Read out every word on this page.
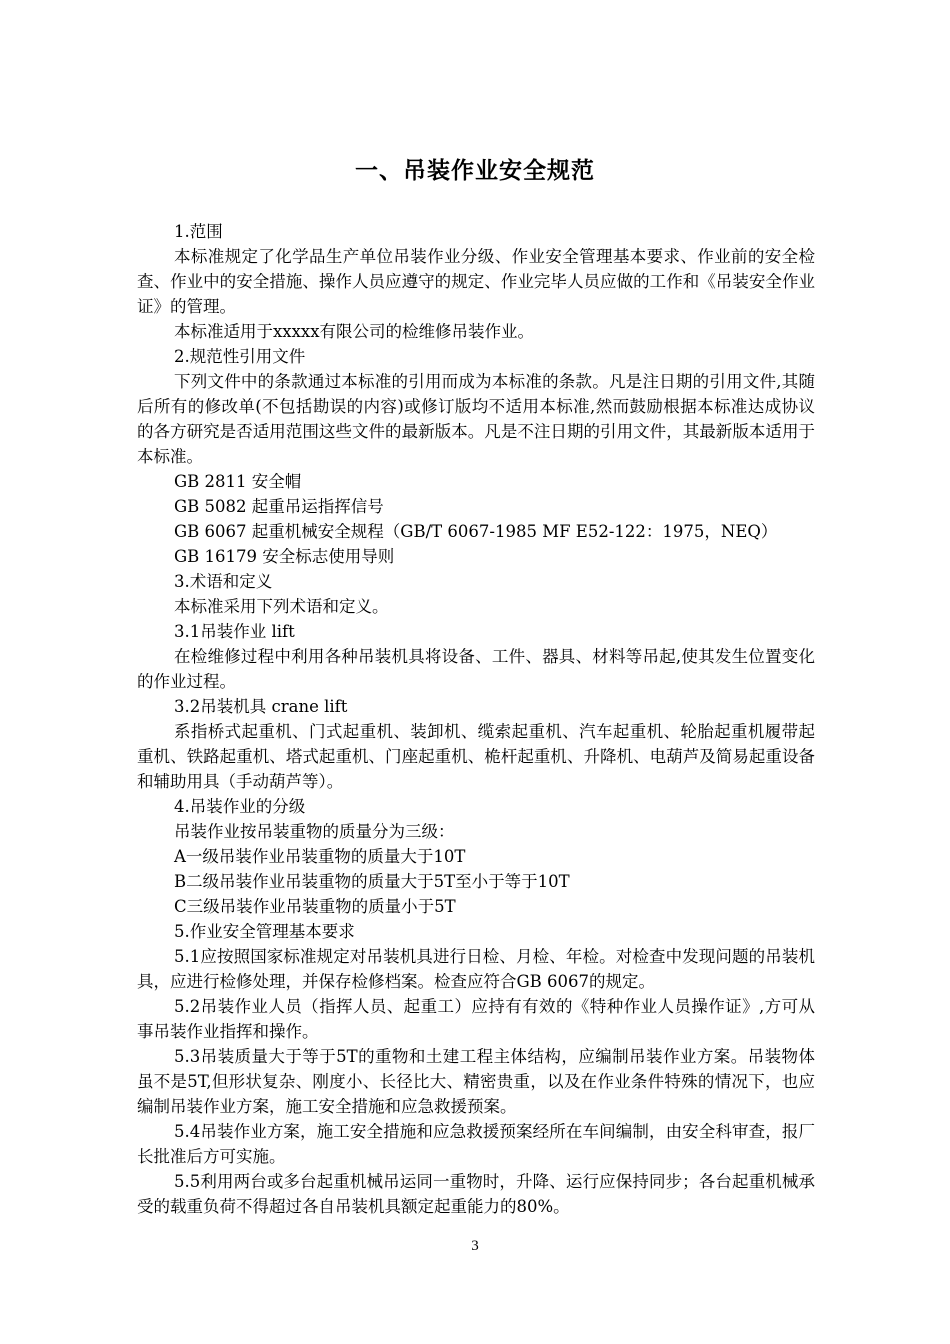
一、吊装作业安全规范

1.范围

本标准规定了化学品生产单位吊装作业分级、作业安全管理基本要求、作业前的安全检查、作业中的安全措施、操作人员应遵守的规定、作业完毕人员应做的工作和《吊装安全作业证》的管理。

本标准适用于xxxxx有限公司的检维修吊装作业。

2.规范性引用文件

下列文件中的条款通过本标准的引用而成为本标准的条款。凡是注日期的引用文件,其随后所有的修改单(不包括勘误的内容)或修订版均不适用本标准,然而鼓励根据本标准达成协议的各方研究是否适用范围这些文件的最新版本。凡是不注日期的引用文件，其最新版本适用于本标准。

GB 2811 安全帽

GB 5082 起重吊运指挥信号

GB 6067 起重机械安全规程（GB/T 6067-1985 MF E52-122：1975，NEQ）

GB 16179 安全标志使用导则

3.术语和定义

本标准采用下列术语和定义。

3.1吊装作业 lift

在检维修过程中利用各种吊装机具将设备、工件、器具、材料等吊起,使其发生位置变化的作业过程。

3.2吊装机具 crane lift

系指桥式起重机、门式起重机、装卸机、缆索起重机、汽车起重机、轮胎起重机履带起重机、铁路起重机、塔式起重机、门座起重机、桅杆起重机、升降机、电葫芦及简易起重设备和辅助用具（手动葫芦等）。

4.吊装作业的分级

吊装作业按吊装重物的质量分为三级：

A一级吊装作业吊装重物的质量大于10T

B二级吊装作业吊装重物的质量大于5T至小于等于10T

C三级吊装作业吊装重物的质量小于5T

5.作业安全管理基本要求

5.1应按照国家标准规定对吊装机具进行日检、月检、年检。对检查中发现问题的吊装机具，应进行检修处理，并保存检修档案。检查应符合GB 6067的规定。

5.2吊装作业人员（指挥人员、起重工）应持有有效的《特种作业人员操作证》,方可从事吊装作业指挥和操作。

5.3吊装质量大于等于5T的重物和土建工程主体结构，应编制吊装作业方案。吊装物体虽不是5T,但形状复杂、刚度小、长径比大、精密贵重，以及在作业条件特殊的情况下，也应编制吊装作业方案，施工安全措施和应急救援预案。

5.4吊装作业方案，施工安全措施和应急救援预案经所在车间编制，由安全科审查，报厂长批准后方可实施。

5.5利用两台或多台起重机械吊运同一重物时，升降、运行应保持同步；各台起重机械承受的载重负荷不得超过各自吊装机具额定起重能力的80%。

3
